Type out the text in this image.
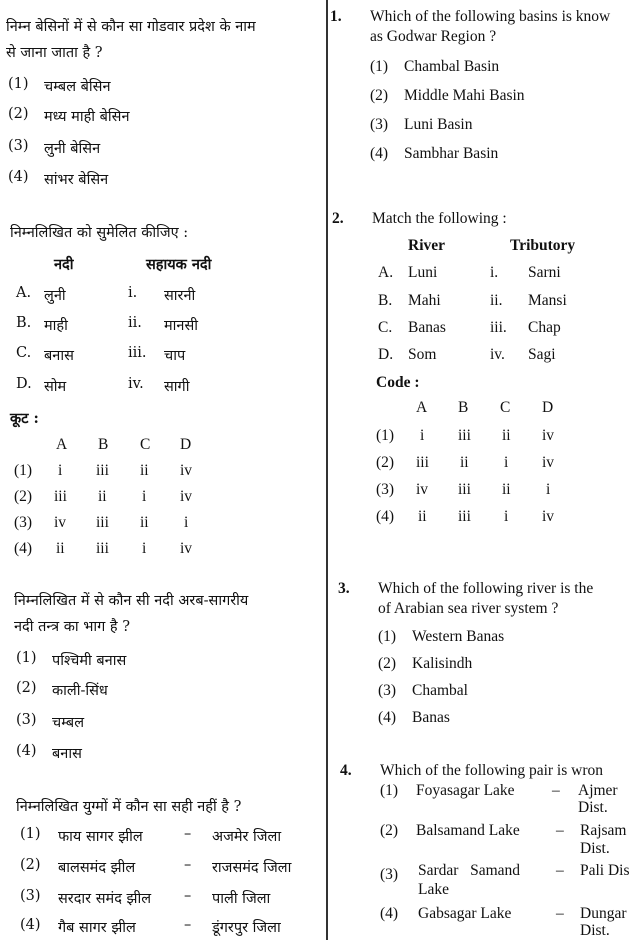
निम्न बेसिनों में से कौन सा गोडवार प्रदेश के नाम
से जाना जाता है ?
(1) चम्बल बेसिन
(2) मध्य माही बेसिन
(3) लुनी बेसिन
(4) सांभर बेसिन
निम्नलिखित को सुमेलित कीजिए :
नदी	सहायक नदी
A. लुनी	i. सारनी
B. माही	ii. मानसी
C. बनास	iii. चाप
D. सोम	iv. सागी
कूट :
A B C D
(1) i iii ii iv
(2) iii ii i iv
(3) iv iii ii i
(4) ii iii i iv
निम्नलिखित में से कौन सी नदी अरब-सागरीय
नदी तन्त्र का भाग है ?
(1) पश्चिमी बनास
(2) काली-सिंध
(3) चम्बल
(4) बनास
निम्नलिखित युग्मों में कौन सा सही नहीं है ?
(1) फाय सागर झील	– अजमेर जिला
(2) बालसमंद झील	– राजसमंद जिला
(3) सरदार समंद झील – पाली जिला
(4) गैब सागर झील	– डूंगरपुर जिला
1. Which of the following basins is know
as Godwar Region ?
(1) Chambal Basin
(2) Middle Mahi Basin
(3) Luni Basin
(4) Sambhar Basin
2. Match the following :
River	Tributory
A. Luni	i. Sarni
B. Mahi	ii. Mansi
C. Banas	iii. Chap
D. Som	iv. Sagi
Code :
A B C D
(1) i iii ii iv
(2) iii ii i iv
(3) iv iii ii i
(4) ii iii i iv
3. Which of the following river is the
of Arabian sea river system ?
(1) Western Banas
(2) Kalisindh
(3) Chambal
(4) Banas
4. Which of the following pair is wron
(1) Foyasagar Lake – Ajmer
Dist.
(2) Balsamand Lake – Rajsam
Dist.
(3) Sardar   Samand
Lake
– Pali Dis
(4) Gabsagar Lake	– Dungar
Dist.
